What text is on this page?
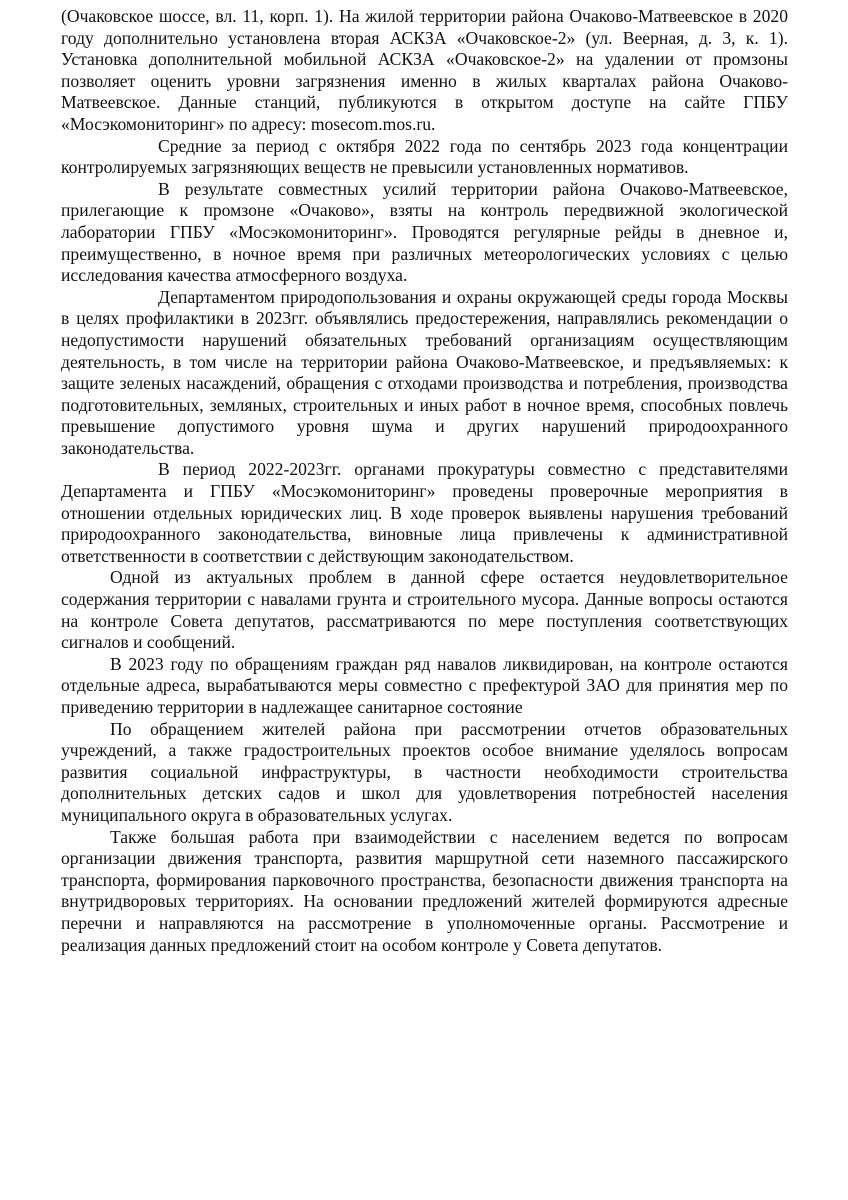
(Очаковское шоссе, вл. 11, корп. 1). На жилой территории района Очаково-Матвеевское в 2020 году дополнительно установлена вторая АСКЗА «Очаковское-2» (ул. Веерная, д. 3, к. 1). Установка дополнительной мобильной АСКЗА «Очаковское-2» на удалении от промзоны позволяет оценить уровни загрязнения именно в жилых кварталах района Очаково-Матвеевское. Данные станций, публикуются в открытом доступе на сайте ГПБУ «Мосэкомониторинг» по адресу: mosecom.mos.ru.

Средние за период с октября 2022 года по сентябрь 2023 года концентрации контролируемых загрязняющих веществ не превысили установленных нормативов.

В результате совместных усилий территории района Очаково-Матвеевское, прилегающие к промзоне «Очаково», взяты на контроль передвижной экологической лаборатории ГПБУ «Мосэкомониторинг». Проводятся регулярные рейды в дневное и, преимущественно, в ночное время при различных метеорологических условиях с целью исследования качества атмосферного воздуха.

Департаментом природопользования и охраны окружающей среды города Москвы в целях профилактики в 2023гг. объявлялись предостережения, направлялись рекомендации о недопустимости нарушений обязательных требований организациям осуществляющим деятельность, в том числе на территории района Очаково-Матвеевское, и предъявляемых: к защите зеленых насаждений, обращения с отходами производства и потребления, производства подготовительных, земляных, строительных и иных работ в ночное время, способных повлечь превышение допустимого уровня шума и других нарушений природоохранного законодательства.

В период 2022-2023гг. органами прокуратуры совместно с представителями Департамента и ГПБУ «Мосэкомониторинг» проведены проверочные мероприятия в отношении отдельных юридических лиц. В ходе проверок выявлены нарушения требований природоохранного законодательства, виновные лица привлечены к административной ответственности в соответствии с действующим законодательством.

Одной из актуальных проблем в данной сфере остается неудовлетворительное содержания территории с навалами грунта и строительного мусора. Данные вопросы остаются на контроле Совета депутатов, рассматриваются по мере поступления соответствующих сигналов и сообщений.

В 2023 году по обращениям граждан ряд навалов ликвидирован, на контроле остаются отдельные адреса, вырабатываются меры совместно с префектурой ЗАО для принятия мер по приведению территории в надлежащее санитарное состояние

По обращением жителей района при рассмотрении отчетов образовательных учреждений, а также градостроительных проектов особое внимание уделялось вопросам развития социальной инфраструктуры, в частности необходимости строительства дополнительных детских садов и школ для удовлетворения потребностей населения муниципального округа в образовательных услугах.

Также большая работа при взаимодействии с населением ведется по вопросам организации движения транспорта, развития маршрутной сети наземного пассажирского транспорта, формирования парковочного пространства, безопасности движения транспорта на внутридворовых территориях. На основании предложений жителей формируются адресные перечни и направляются на рассмотрение в уполномоченные органы. Рассмотрение и реализация данных предложений стоит на особом контроле у Совета депутатов.
